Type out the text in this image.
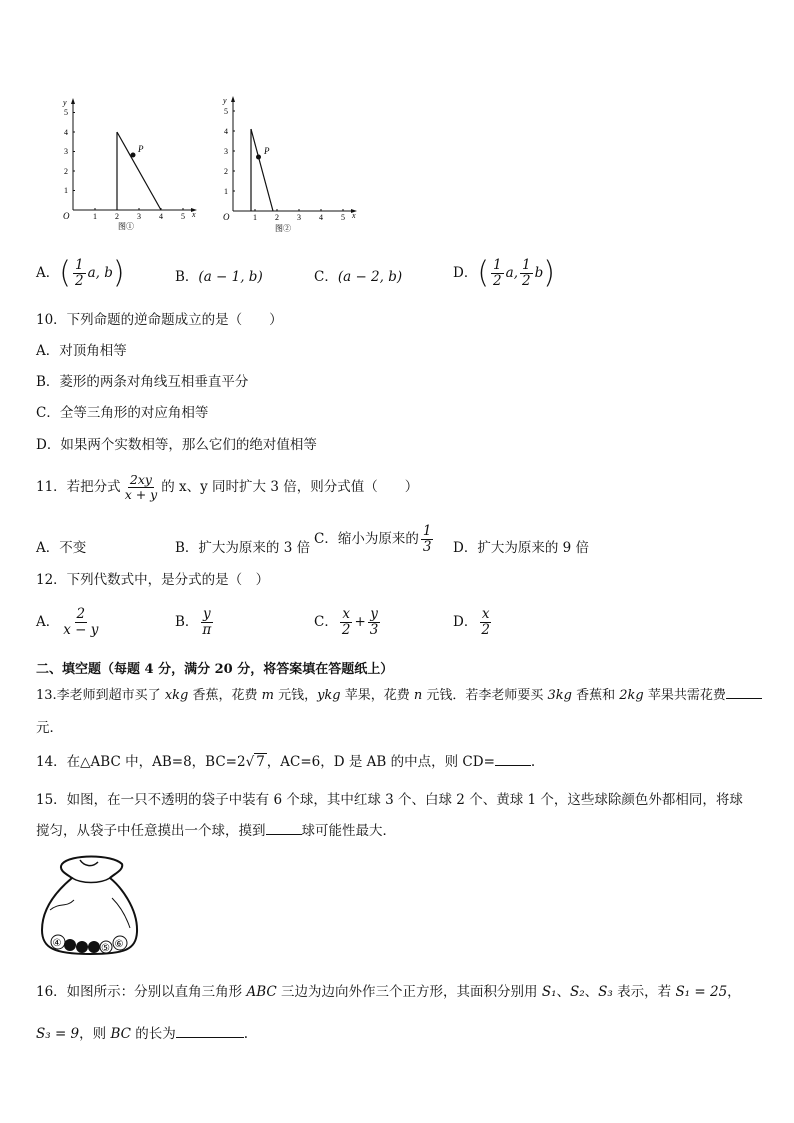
P
y
x
O
5
4
3
2
1
1 2 3 4 5
图①
P
y
x
O
5
4
3
2
1
1 2 3 4 5
图②
A．( $\frac{1}{2} a$, b)	B．(a − 1, b)	C．(a − 2, b)	D．( $\frac{1}{2} a$, $\frac{1}{2} b$)
10．下列命题的逆命题成立的是（　　）
A．对顶角相等
B．菱形的两条对角线互相垂直平分
C．全等三角形的对应角相等
D．如果两个实数相等，那么它们的绝对值相等
11．若把分式 $\frac{2xy}{x + y}$ 的 x、y 同时扩大 3 倍，则分式值（　　）
A．不变	B．扩大为原来的 3 倍
C．缩小为原来的 $\frac{1}{3}$ D．扩大为原来的 9 倍
12．下列代数式中，是分式的是（　）
A． $\frac{2}{x - y}$	B． $\frac{y}{\pi}$	C． $\frac{x}{2} + \frac{y}{3}$	D． $\frac{x}{2}$
二、填空题（每题 4 分，满分 20 分，将答案填在答题纸上）
13.李老师到超市买了 xkg 香蕉，花费 m 元钱，ykg 苹果，花费 n 元钱．若李老师要买 3kg 香蕉和 2kg 苹果共需花费
元．
14．在△ABC 中，AB=8，BC=2√ 7 ，AC=6，D 是 AB 的中点，则 CD=	.
15．如图，在一只不透明的袋子中装有 6 个球，其中红球 3 个、白球 2 个、黄球 1 个，这些球除颜色外都相同，将球
搅匀，从袋子中任意摸出一个球，摸到	球可能性最大．
④	⑤ ⑥
16．如图所示：分别以直角三角形 ABC 三边为边向外作三个正方形，其面积分别用 S₁、S₂、S₃ 表示，若 S₁ = 25，
S₃ = 9，则 BC 的长为	.
